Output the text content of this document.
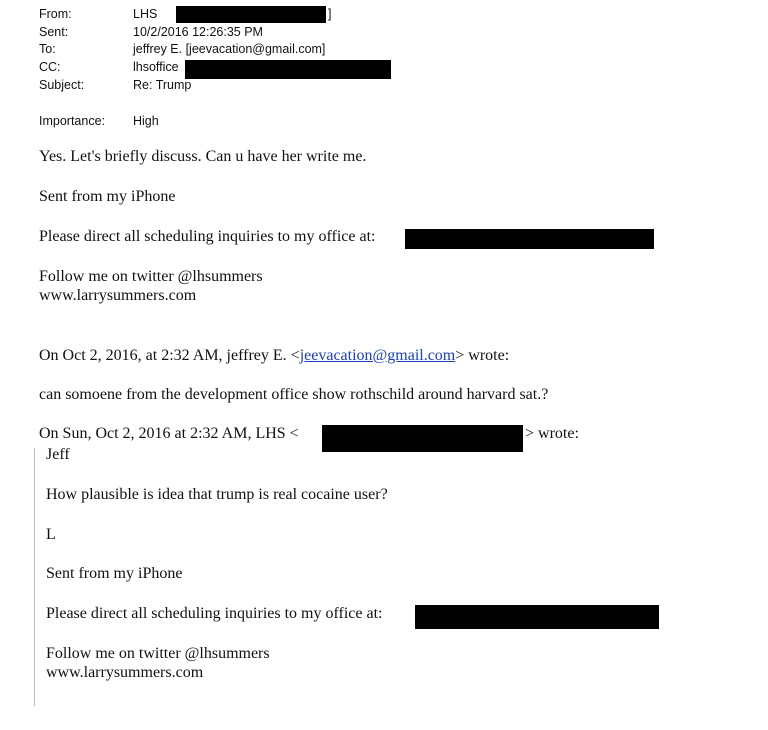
From:	LHS	]
Sent:	10/2/2016 12:26:35 PM
To:	jeffrey E. [jeevacation@gmail.com]
CC:	lhsoffice
Subject:	Re: Trump
Importance: High
Yes. Let's briefly discuss. Can u have her write me.
Sent from my iPhone
Please direct all scheduling inquiries to my office at:
Follow me on twitter @lhsummers
www.larrysummers.com
On Oct 2, 2016, at 2:32 AM, jeffrey E. <jeevacation@gmail.com> wrote:
can somoene from the development office show rothschild around harvard sat.?
On Sun, Oct 2, 2016 at 2:32 AM, LHS <	> wrote:
Jeff
How plausible is idea that trump is real cocaine user?
L
Sent from my iPhone
Please direct all scheduling inquiries to my office at:
Follow me on twitter @lhsummers
www.larrysummers.com
